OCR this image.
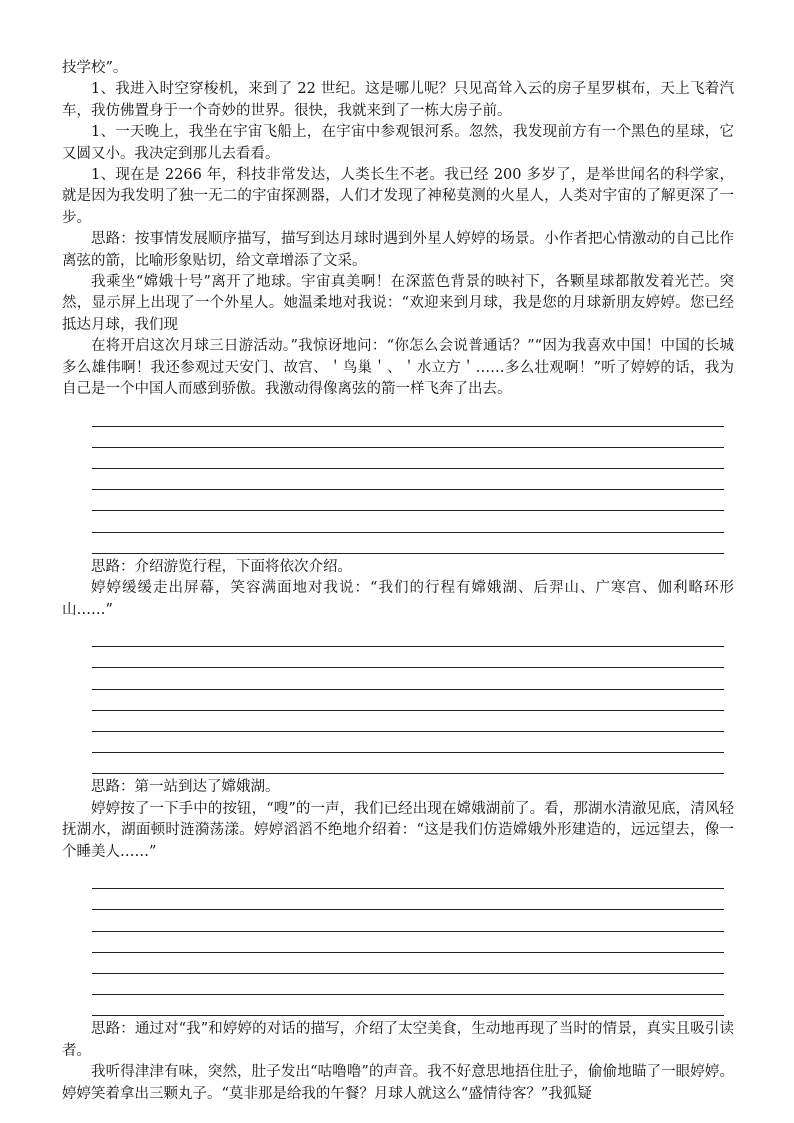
技学校”。

1、我进入时空穿梭机，来到了 22 世纪。这是哪儿呢？只见高耸入云的房子星罗棋布，天上飞着汽车，我仿佛置身于一个奇妙的世界。很快，我就来到了一栋大房子前。

1、一天晚上，我坐在宇宙飞船上，在宇宙中参观银河系。忽然，我发现前方有一个黑色的星球，它又圆又小。我决定到那儿去看看。

1、现在是 2266 年，科技非常发达，人类长生不老。我已经 200 多岁了，是举世闻名的科学家，就是因为我发明了独一无二的宇宙探测器，人们才发现了神秘莫测的火星人，人类对宇宙的了解更深了一步。

思路：按事情发展顺序描写，描写到达月球时遇到外星人婷婷的场景。小作者把心情激动的自己比作离弦的箭，比喻形象贴切，给文章增添了文采。

我乘坐“嫦娥十号”离开了地球。宇宙真美啊！在深蓝色背景的映衬下，各颗星球都散发着光芒。突然，显示屏上出现了一个外星人。她温柔地对我说：“欢迎来到月球，我是您的月球新朋友婷婷。您已经抵达月球，我们现

在将开启这次月球三日游活动。”我惊讶地问：“你怎么会说普通话？”“因为我喜欢中国！中国的长城多么雄伟啊！我还参观过天安门、故宫、＇鸟巢＇、＇水立方＇……多么壮观啊！”听了婷婷的话，我为自己是一个中国人而感到骄傲。我激动得像离弦的箭一样飞奔了出去。

思路：介绍游览行程，下面将依次介绍。

婷婷缓缓走出屏幕，笑容满面地对我说：“我们的行程有嫦娥湖、后羿山、广寒宫、伽利略环形山……”

思路：第一站到达了嫦娥湖。

婷婷按了一下手中的按钮，“嗖”的一声，我们已经出现在嫦娥湖前了。看，那湖水清澈见底，清风轻抚湖水，湖面顿时涟漪荡漾。婷婷滔滔不绝地介绍着：“这是我们仿造嫦娥外形建造的，远远望去，像一个睡美人……”

思路：通过对“我”和婷婷的对话的描写，介绍了太空美食，生动地再现了当时的情景，真实且吸引读者。

我听得津津有味，突然，肚子发出“咕噜噜”的声音。我不好意思地捂住肚子，偷偷地瞄了一眼婷婷。婷婷笑着拿出三颗丸子。“莫非那是给我的午餐？月球人就这么“盛情待客？”我狐疑
